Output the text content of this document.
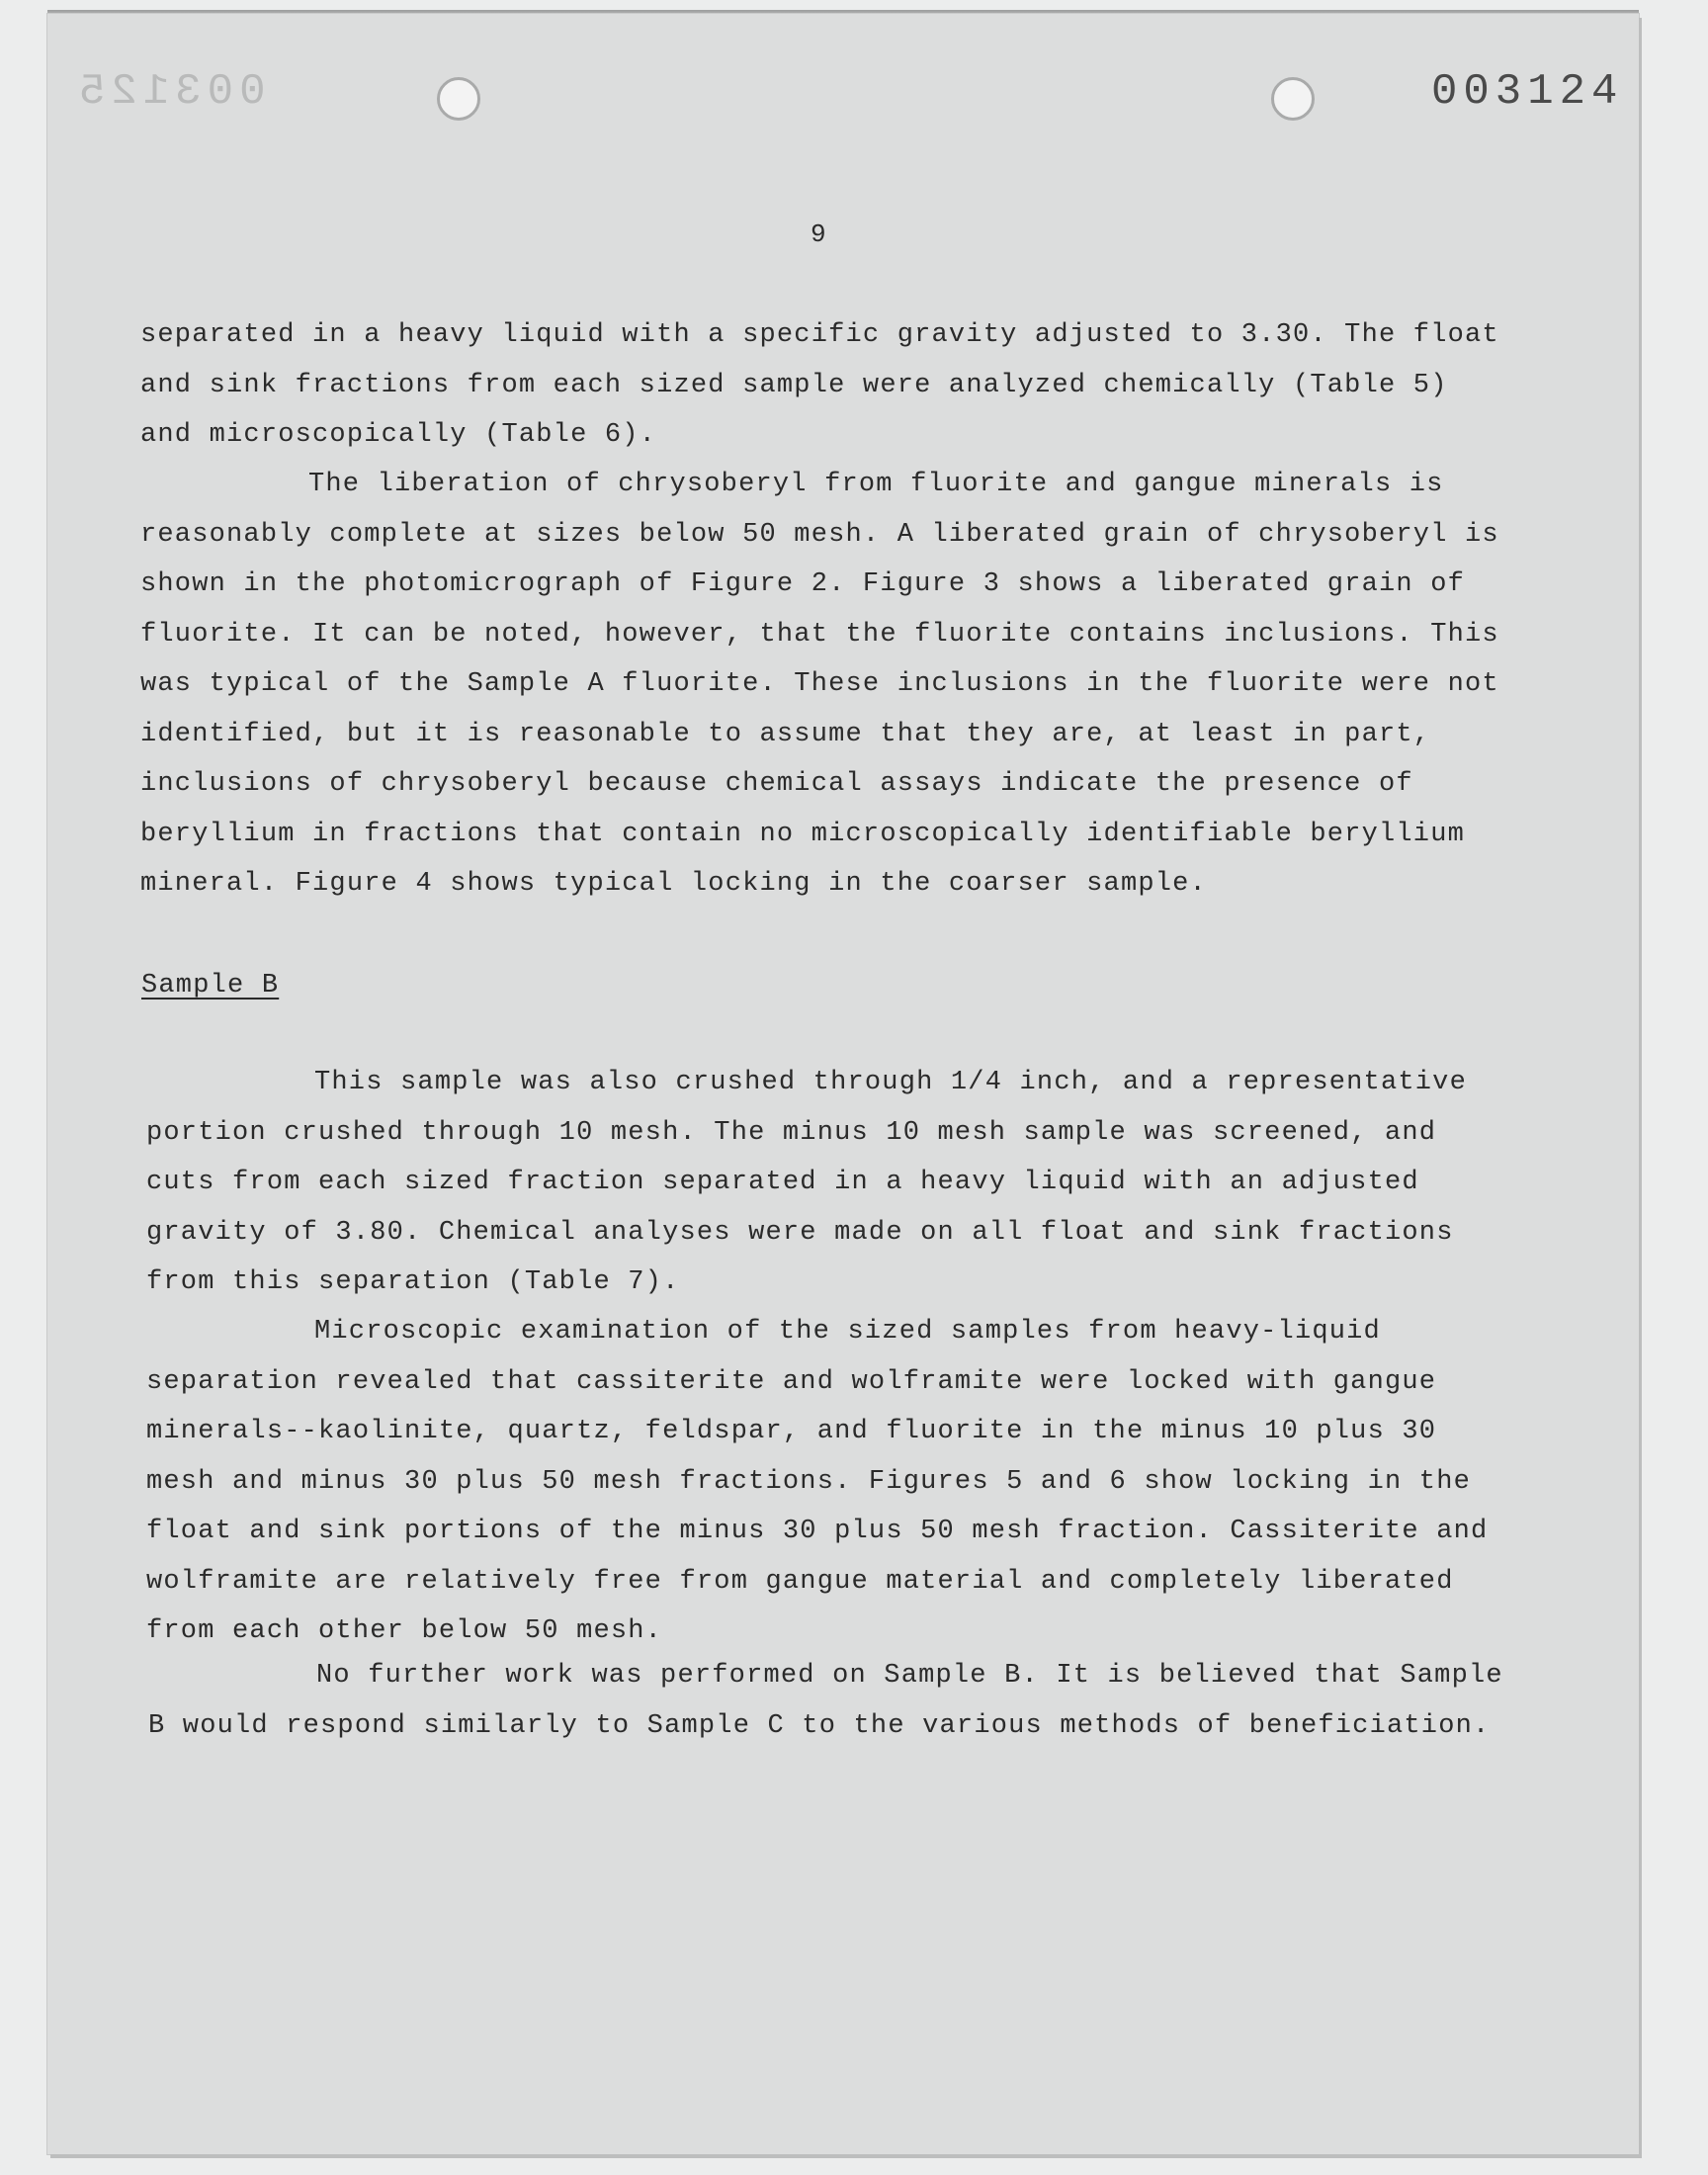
003125	003124
9

separated in a heavy liquid with a specific gravity adjusted to 3.30. The float and sink fractions from each sized sample were analyzed chemically (Table 5) and microscopically (Table 6).

The liberation of chrysoberyl from fluorite and gangue minerals is reasonably complete at sizes below 50 mesh. A liberated grain of chrysoberyl is shown in the photomicrograph of Figure 2. Figure 3 shows a liberated grain of fluorite. It can be noted, however, that the fluorite contains inclusions. This was typical of the Sample A fluorite. These inclusions in the fluorite were not identified, but it is reasonable to assume that they are, at least in part, inclusions of chrysoberyl because chemical assays indicate the presence of beryllium in fractions that contain no microscopically identifiable beryllium mineral. Figure 4 shows typical locking in the coarser sample.

Sample B

This sample was also crushed through 1/4 inch, and a representative portion crushed through 10 mesh. The minus 10 mesh sample was screened, and cuts from each sized fraction separated in a heavy liquid with an adjusted gravity of 3.80. Chemical analyses were made on all float and sink fractions from this separation (Table 7).

Microscopic examination of the sized samples from heavy-liquid separation revealed that cassiterite and wolframite were locked with gangue minerals--kaolinite, quartz, feldspar, and fluorite in the minus 10 plus 30 mesh and minus 30 plus 50 mesh fractions. Figures 5 and 6 show locking in the float and sink portions of the minus 30 plus 50 mesh fraction. Cassiterite and wolframite are relatively free from gangue material and completely liberated from each other below 50 mesh.

No further work was performed on Sample B. It is believed that Sample B would respond similarly to Sample C to the various methods of beneficiation.
